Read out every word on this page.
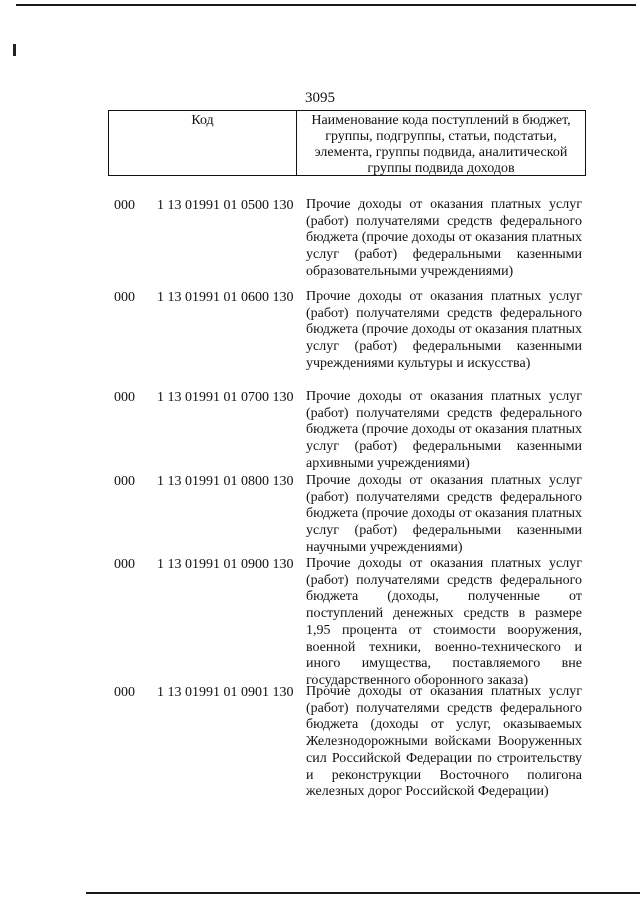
3095
Код	Наименование кода поступлений в бюджет, группы, подгруппы, статьи, подстатьи, элемента, группы подвида, аналитической группы подвида доходов
000 1 13 01991 01 0500 130 Прочие доходы от оказания платных услуг (работ) получателями средств федерального бюджета (прочие доходы от оказания платных услуг (работ) федеральными казенными образовательными учреждениями)
000 1 13 01991 01 0600 130 Прочие доходы от оказания платных услуг (работ) получателями средств федерального бюджета (прочие доходы от оказания платных услуг (работ) федеральными казенными учреждениями культуры и искусства)
000 1 13 01991 01 0700 130 Прочие доходы от оказания платных услуг (работ) получателями средств федерального бюджета (прочие доходы от оказания платных услуг (работ) федеральными казенными архивными учреждениями)
000 1 13 01991 01 0800 130 Прочие доходы от оказания платных услуг (работ) получателями средств федерального бюджета (прочие доходы от оказания платных услуг (работ) федеральными казенными научными учреждениями)
000 1 13 01991 01 0900 130 Прочие доходы от оказания платных услуг (работ) получателями средств федерального бюджета (доходы, полученные от поступлений денежных средств в размере 1,95 процента от стоимости вооружения, военной техники, военно-технического и иного имущества, поставляемого вне государственного оборонного заказа)
000 1 13 01991 01 0901 130 Прочие доходы от оказания платных услуг (работ) получателями средств федерального бюджета (доходы от услуг, оказываемых Железнодорожными войсками Вооруженных сил Российской Федерации по строительству и реконструкции Восточного полигона железных дорог Российской Федерации)
